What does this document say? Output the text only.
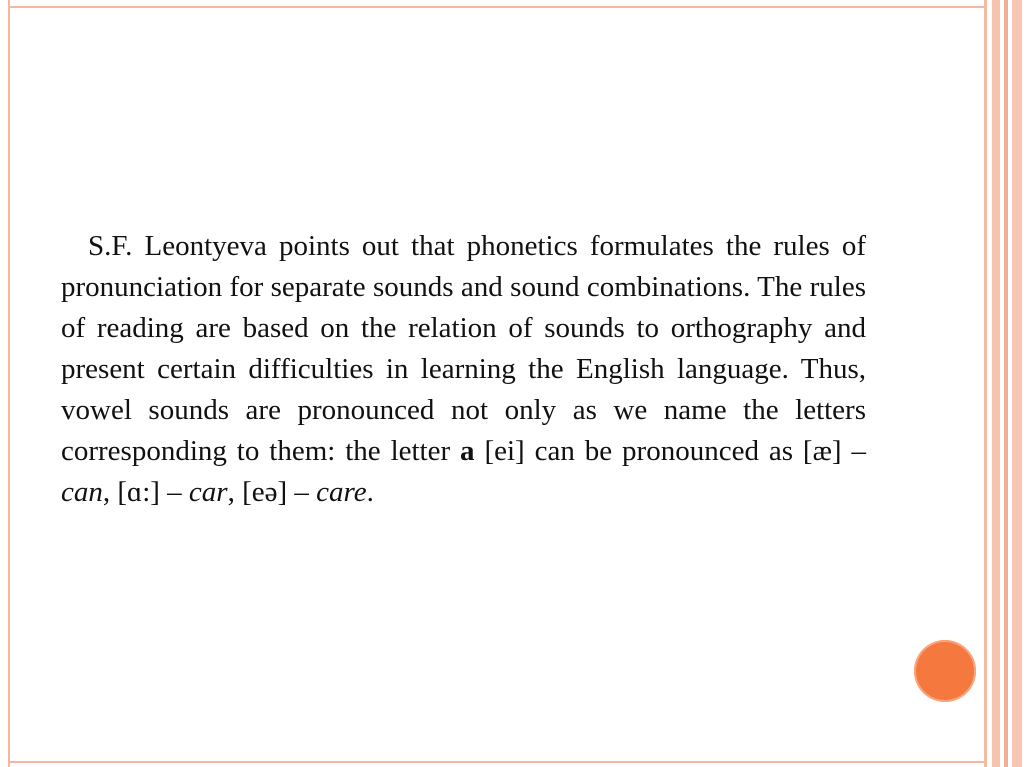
S.F. Leontyeva points out that phonetics formulates the rules of pronunciation for separate sounds and sound combinations. The rules of reading are based on the relation of sounds to orthography and present certain difficulties in learning the English language. Thus, vowel sounds are pronounced not only as we name the letters corresponding to them: the letter a [ei] can be pronounced as [æ] – can, [ɑ:] – car, [eə] – care.
